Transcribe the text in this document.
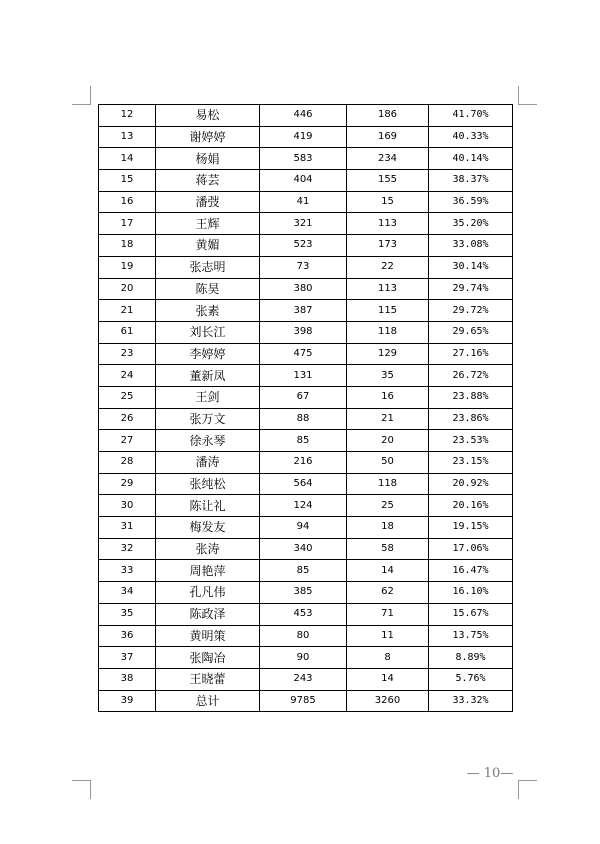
12	易松	446	186	41.70%
13	谢婷婷	419	169	40.33%
14	杨娟	583	234	40.14%
15	蒋芸	404	155	38.37%
16	潘弢	41	15	36.59%
17	王辉	321	113	35.20%
18	黄媚	523	173	33.08%
19	张志明	73	22	30.14%
20	陈昊	380	113	29.74%
21	张素	387	115	29.72%
61	刘长江	398	118	29.65%
23	李婷婷	475	129	27.16%
24	董新凤	131	35	26.72%
25	王剑	67	16	23.88%
26	张万文	88	21	23.86%
27	徐永琴	85	20	23.53%
28	潘涛	216	50	23.15%
29	张纯松	564	118	20.92%
30	陈让礼	124	25	20.16%
31	梅发友	94	18	19.15%
32	张涛	340	58	17.06%
33	周艳萍	85	14	16.47%
34	孔凡伟	385	62	16.10%
35	陈政泽	453	71	15.67%
36	黄明策	80	11	13.75%
37	张陶冶	90	8	8.89%
38	王晓蕾	243	14	5.76%
39	总计	9785	3260	33.32%
— 10—
